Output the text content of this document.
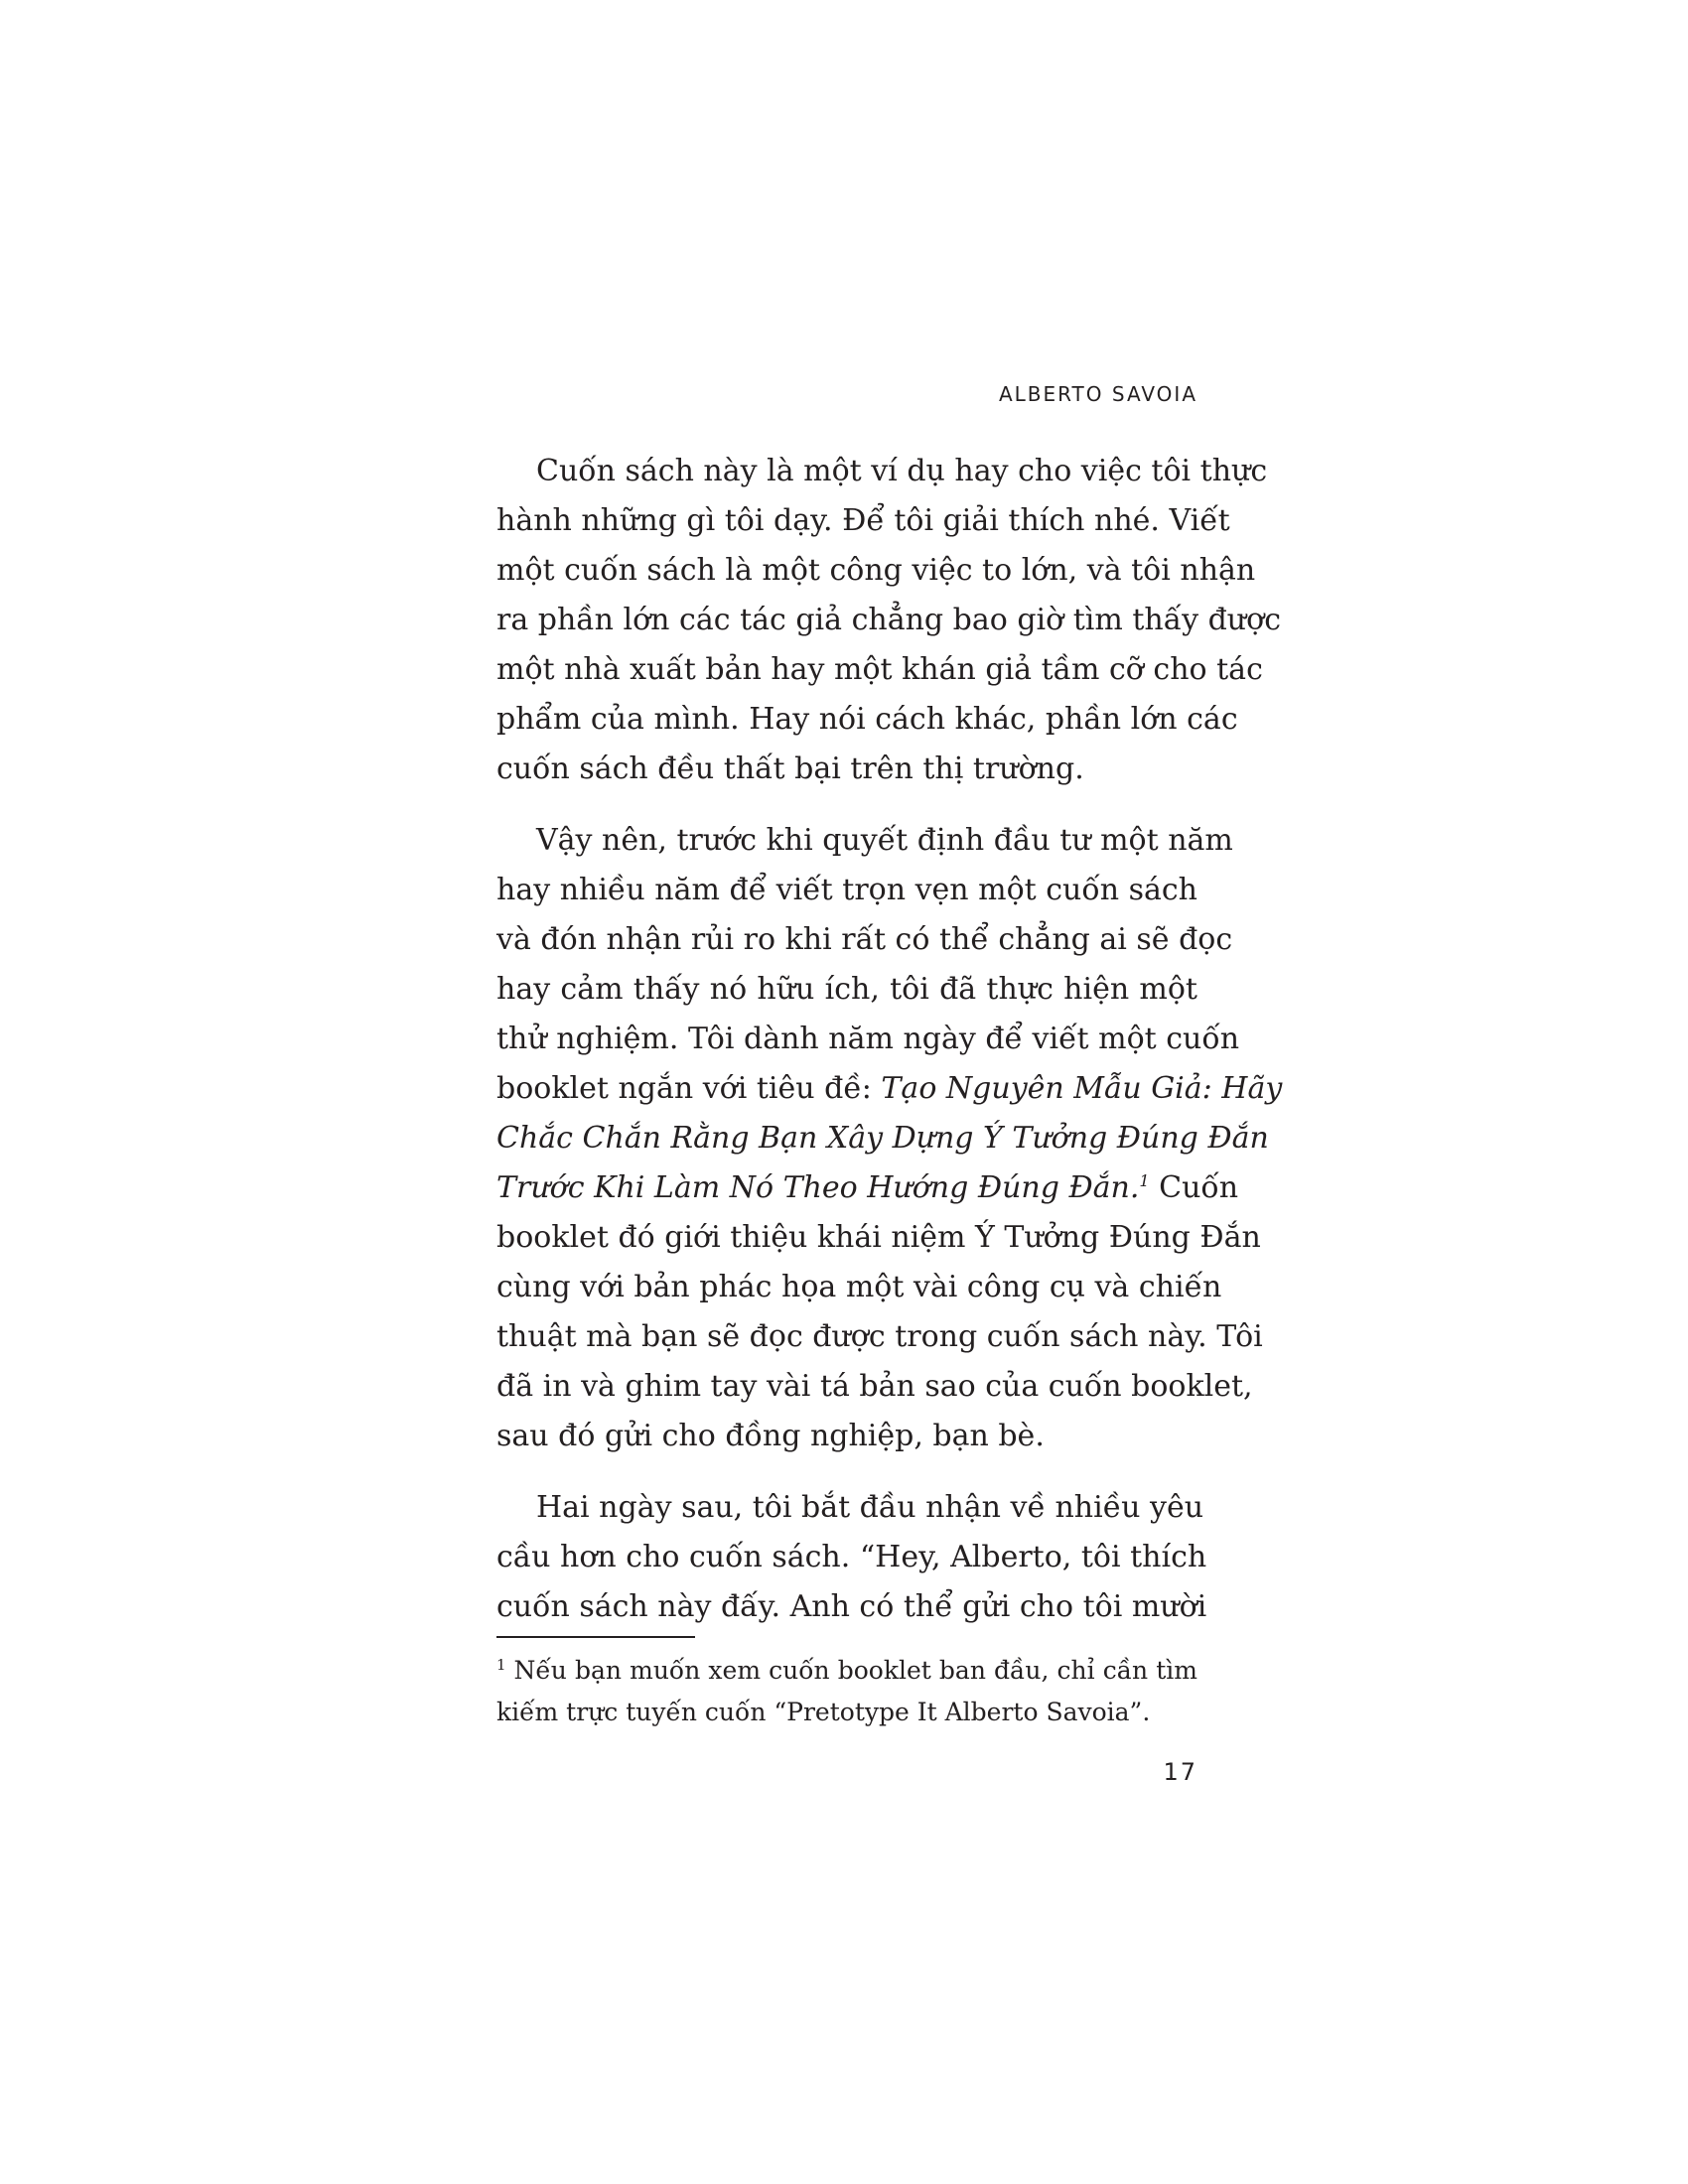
ALBERTO SAVOIA
Cuốn sách này là một ví dụ hay cho việc tôi thực
hành những gì tôi dạy. Để tôi giải thích nhé. Viết
một cuốn sách là một công việc to lớn, và tôi nhận
ra phần lớn các tác giả chẳng bao giờ tìm thấy được
một nhà xuất bản hay một khán giả tầm cỡ cho tác
phẩm của mình. Hay nói cách khác, phần lớn các
cuốn sách đều thất bại trên thị trường.
Vậy nên, trước khi quyết định đầu tư một năm
hay nhiều năm để viết trọn vẹn một cuốn sách
và đón nhận rủi ro khi rất có thể chẳng ai sẽ đọc
hay cảm thấy nó hữu ích, tôi đã thực hiện một
thử nghiệm. Tôi dành năm ngày để viết một cuốn
booklet ngắn với tiêu đề: Tạo Nguyên Mẫu Giả: Hãy
Chắc Chắn Rằng Bạn Xây Dựng Ý Tưởng Đúng Đắn
Trước Khi Làm Nó Theo Hướng Đúng Đắn.$^1$ Cuốn
booklet đó giới thiệu khái niệm Ý Tưởng Đúng Đắn
cùng với bản phác họa một vài công cụ và chiến
thuật mà bạn sẽ đọc được trong cuốn sách này. Tôi
đã in và ghim tay vài tá bản sao của cuốn booklet,
sau đó gửi cho đồng nghiệp, bạn bè.
Hai ngày sau, tôi bắt đầu nhận về nhiều yêu
cầu hơn cho cuốn sách. “Hey, Alberto, tôi thích
cuốn sách này đấy. Anh có thể gửi cho tôi mười
$^1$ Nếu bạn muốn xem cuốn booklet ban đầu, chỉ cần tìm
kiếm trực tuyến cuốn “Pretotype It Alberto Savoia”.
17
